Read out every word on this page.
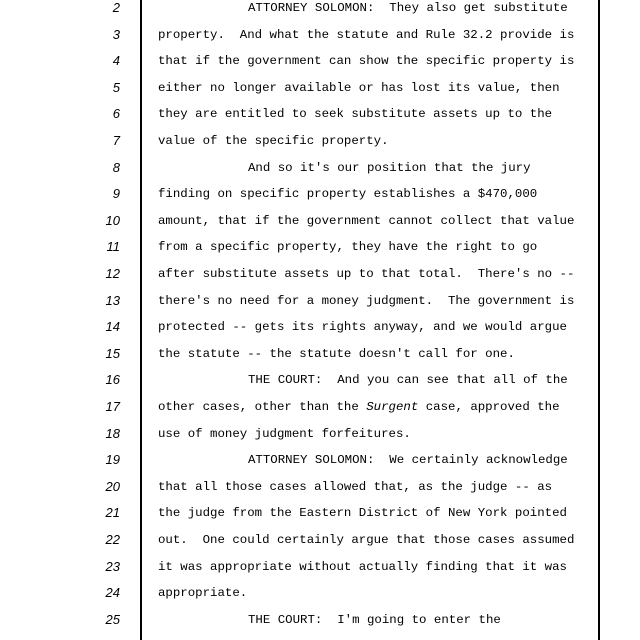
2	ATTORNEY SOLOMON:  They also get substitute
3	property.  And what the statute and Rule 32.2 provide is
4	that if the government can show the specific property is
5	either no longer available or has lost its value, then
6	they are entitled to seek substitute assets up to the
7	value of the specific property.
8	And so it's our position that the jury
9	finding on specific property establishes a $470,000
10	amount, that if the government cannot collect that value
11	from a specific property, they have the right to go
12	after substitute assets up to that total.  There's no --
13	there's no need for a money judgment.  The government is
14	protected -- gets its rights anyway, and we would argue
15	the statute -- the statute doesn't call for one.
16	THE COURT:  And you can see that all of the
17	other cases, other than the Surgent case, approved the
18	use of money judgment forfeitures.
19	ATTORNEY SOLOMON:  We certainly acknowledge
20	that all those cases allowed that, as the judge -- as
21	the judge from the Eastern District of New York pointed
22	out.  One could certainly argue that those cases assumed
23	it was appropriate without actually finding that it was
24	appropriate.
25	THE COURT:  I'm going to enter the
